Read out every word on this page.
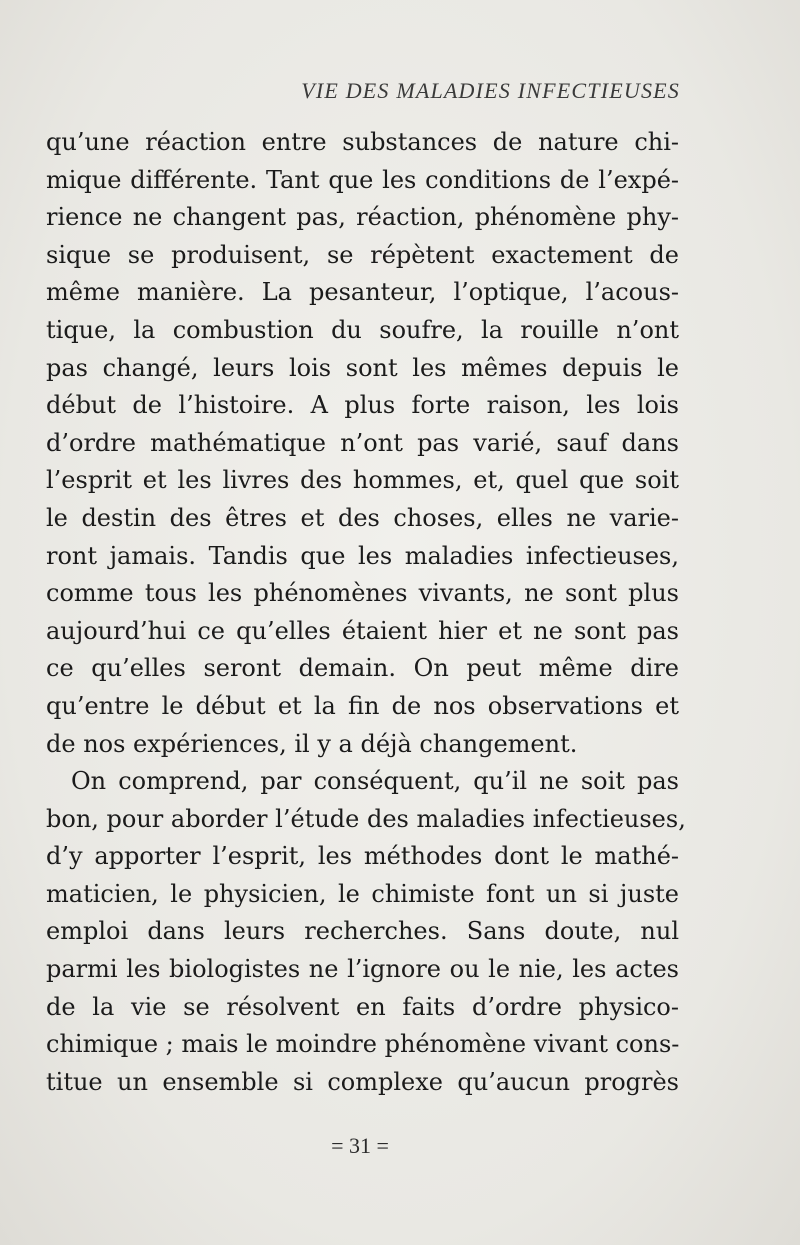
VIE DES MALADIES INFECTIEUSES
qu’une réaction entre substances de nature chi-
mique différente. Tant que les conditions de l’expé-
rience ne changent pas, réaction, phénomène phy-
sique se produisent, se répètent exactement de
même manière. La pesanteur, l’optique, l’acous-
tique, la combustion du soufre, la rouille n’ont
pas changé, leurs lois sont les mêmes depuis le
début de l’histoire. A plus forte raison, les lois
d’ordre mathématique n’ont pas varié, sauf dans
l’esprit et les livres des hommes, et, quel que soit
le destin des êtres et des choses, elles ne varie-
ront jamais. Tandis que les maladies infectieuses,
comme tous les phénomènes vivants, ne sont plus
aujourd’hui ce qu’elles étaient hier et ne sont pas
ce qu’elles seront demain. On peut même dire
qu’entre le début et la fin de nos observations et
de nos expériences, il y a déjà changement.
On comprend, par conséquent, qu’il ne soit pas
bon, pour aborder l’étude des maladies infectieuses,
d’y apporter l’esprit, les méthodes dont le mathé-
maticien, le physicien, le chimiste font un si juste
emploi dans leurs recherches. Sans doute, nul
parmi les biologistes ne l’ignore ou le nie, les actes
de la vie se résolvent en faits d’ordre physico-
chimique ; mais le moindre phénomène vivant cons-
titue un ensemble si complexe qu’aucun progrès
= 31 =
